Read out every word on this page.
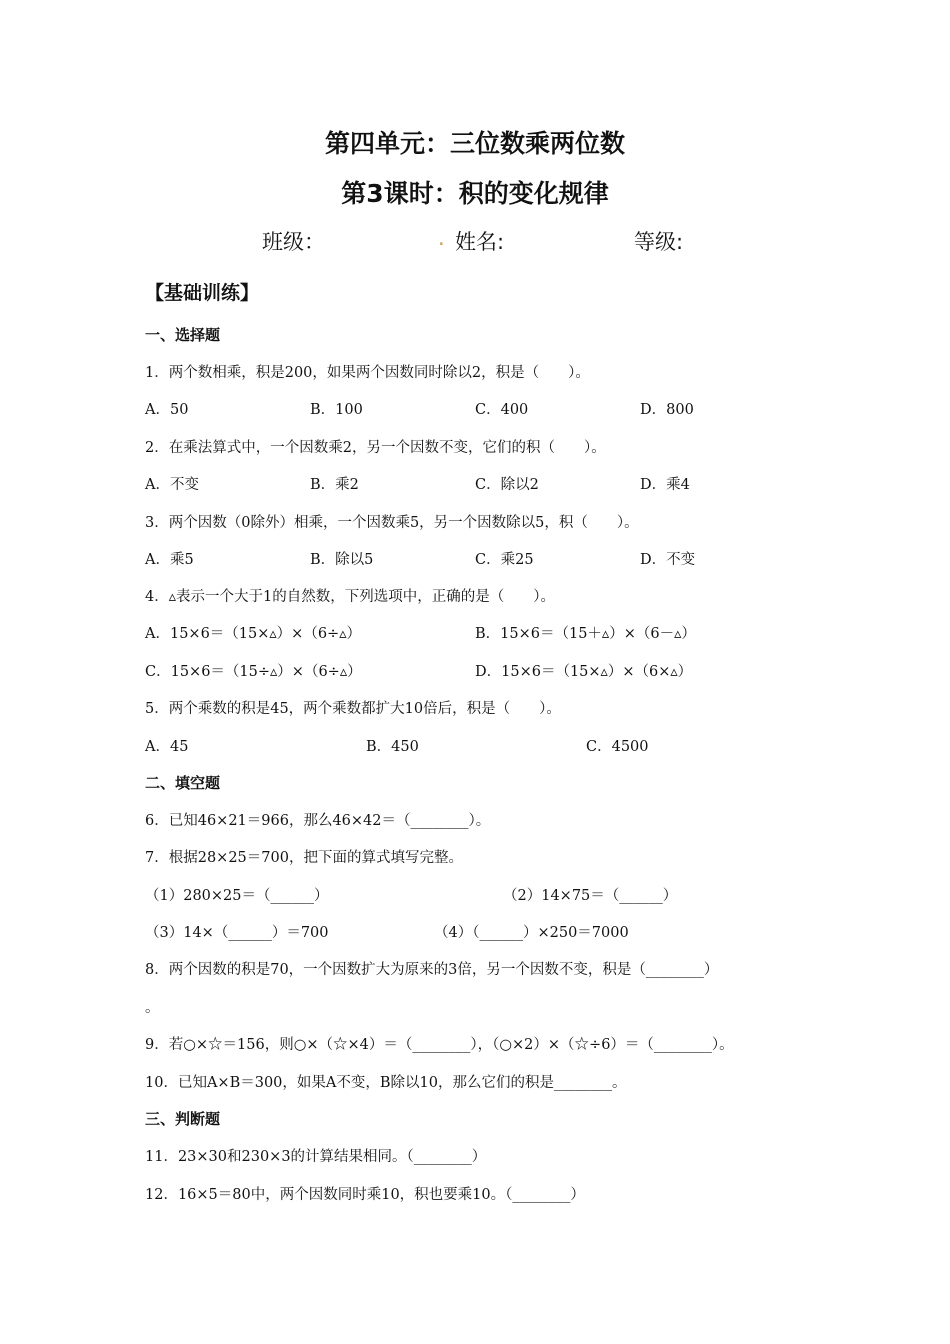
第四单元：三位数乘两位数
第3课时：积的变化规律
班级：	. 姓名:	等级:
【基础训练】
一、选择题
1．两个数相乘，积是200，如果两个因数同时除以2，积是（　　）。
A．50	B．100	C．400	D．800
2．在乘法算式中，一个因数乘2，另一个因数不变，它们的积（　　）。
A．不变	B．乘2	C．除以2	D．乘4
3．两个因数（0除外）相乘，一个因数乘5，另一个因数除以5，积（　　）。
A．乘5	B．除以5	C．乘25	D．不变
4．▵表示一个大于1的自然数，下列选项中，正确的是（　　）。
A．15×6＝（15×▵）×（6÷▵）	B．15×6＝（15＋▵）×（6－▵）
C．15×6＝（15÷▵）×（6÷▵）	D．15×6＝（15×▵）×（6×▵）
5．两个乘数的积是45，两个乘数都扩大10倍后，积是（　　）。
A．45	B．450	C．4500
二、填空题
6．已知46×21＝966，那么46×42＝（________）。
7．根据28×25＝700，把下面的算式填写完整。
（1）280×25＝（______）	（2）14×75＝（______）
（3）14×（______）＝700	（4）（______）×250＝7000
8．两个因数的积是70，一个因数扩大为原来的3倍，另一个因数不变，积是（________）
。
9．若○×☆＝156，则○×（☆×4）＝（________），（○×2）×（☆÷6）＝（________）。
10．已知A×B＝300，如果A不变，B除以10，那么它们的积是________。
三、判断题
11．23×30和230×3的计算结果相同。（________）
12．16×5＝80中，两个因数同时乘10，积也要乘10。（________）
